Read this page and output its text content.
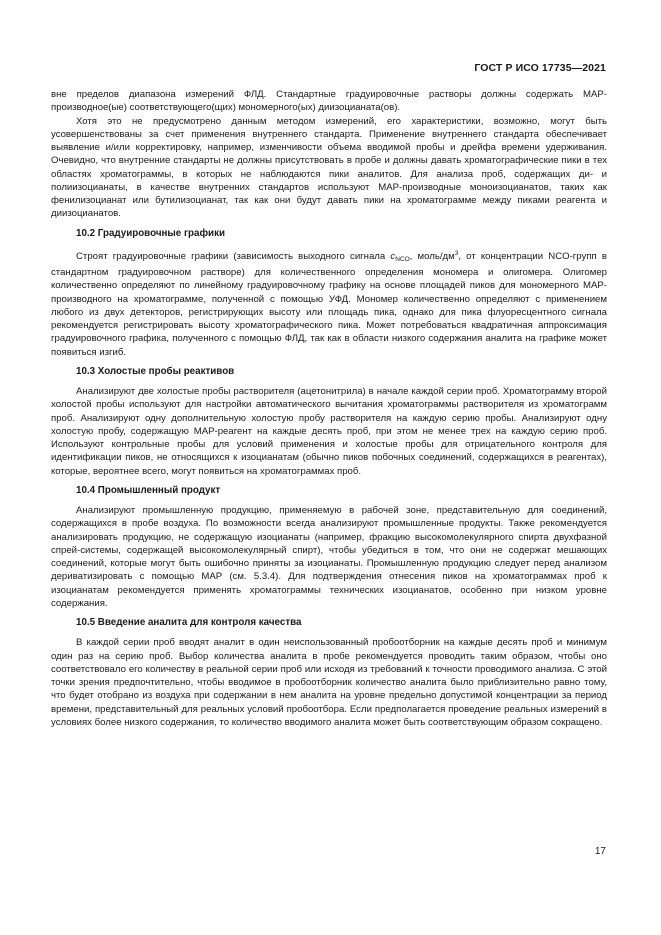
ГОСТ Р ИСО 17735—2021

вне пределов диапазона измерений ФЛД. Стандартные градуировочные растворы должны содержать МАР-производное(ые) соответствующего(щих) мономерного(ых) диизоцианата(ов).

Хотя это не предусмотрено данным методом измерений, его характеристики, возможно, могут быть усовершенствованы за счет применения внутреннего стандарта. Применение внутреннего стандарта обеспечивает выявление и/или корректировку, например, изменчивости объема вводимой пробы и дрейфа времени удерживания. Очевидно, что внутренние стандарты не должны присутствовать в пробе и должны давать хроматографические пики в тех областях хроматограммы, в которых не наблюдаются пики аналитов. Для анализа проб, содержащих ди- и полиизоцианаты, в качестве внутренних стандартов используют МАР-производные моноизоцианатов, таких как фенилизоцианат или бутилизоцианат, так как они будут давать пики на хроматограмме между пиками реагента и диизоцианатов.

10.2 Градуировочные графики

Строят градуировочные графики (зависимость выходного сигнала $c_{NCO}$, моль/$дм^3$, от концентрации NCO-групп в стандартном градуировочном растворе) для количественного определения мономера и олигомера. Олигомер количественно определяют по линейному градуировочному графику на основе площадей пиков для мономерного МАР-производного на хроматограмме, полученной с помощью УФД. Мономер количественно определяют с применением любого из двух детекторов, регистрирующих высоту или площадь пика, однако для пика флуоресцентного сигнала рекомендуется регистрировать высоту хроматографического пика. Может потребоваться квадратичная аппроксимация градуировочного графика, полученного с помощью ФЛД, так как в области низкого содержания аналита на графике может появиться изгиб.

10.3 Холостые пробы реактивов

Анализируют две холостые пробы растворителя (ацетонитрила) в начале каждой серии проб. Хроматограмму второй холостой пробы используют для настройки автоматического вычитания хроматограммы растворителя из хроматограмм проб. Анализируют одну дополнительную холостую пробу растворителя на каждую серию пробы. Анализируют одну холостую пробу, содержащую МАР-реагент на каждые десять проб, при этом не менее трех на каждую серию проб. Используют контрольные пробы для условий применения и холостые пробы для отрицательного контроля для идентификации пиков, не относящихся к изоцианатам (обычно пиков побочных соединений, содержащихся в реагентах), которые, вероятнее всего, могут появиться на хроматограммах проб.

10.4 Промышленный продукт

Анализируют промышленную продукцию, применяемую в рабочей зоне, представительную для соединений, содержащихся в пробе воздуха. По возможности всегда анализируют промышленные продукты. Также рекомендуется анализировать продукцию, не содержащую изоцианаты (например, фракцию высокомолекулярного спирта двухфазной спрей-системы, содержащей высокомолекулярный спирт), чтобы убедиться в том, что они не содержат мешающих соединений, которые могут быть ошибочно приняты за изоцианаты. Промышленную продукцию следует перед анализом дериватизировать с помощью МАР (см. 5.3.4). Для подтверждения отнесения пиков на хроматограммах проб к изоцианатам рекомендуется применять хроматограммы технических изоцианатов, особенно при низком уровне содержания.

10.5 Введение аналита для контроля качества

В каждой серии проб вводят аналит в один неиспользованный пробоотборник на каждые десять проб и минимум один раз на серию проб. Выбор количества аналита в пробе рекомендуется проводить таким образом, чтобы оно соответствовало его количеству в реальной серии проб или исходя из требований к точности проводимого анализа. С этой точки зрения предпочтительно, чтобы вводимое в пробоотборник количество аналита было приблизительно равно тому, что будет отобрано из воздуха при содержании в нем аналита на уровне предельно допустимой концентрации за период времени, представительный для реальных условий пробоотбора. Если предполагается проведение реальных измерений в условиях более низкого содержания, то количество вводимого аналита может быть соответствующим образом сокращено.

17
